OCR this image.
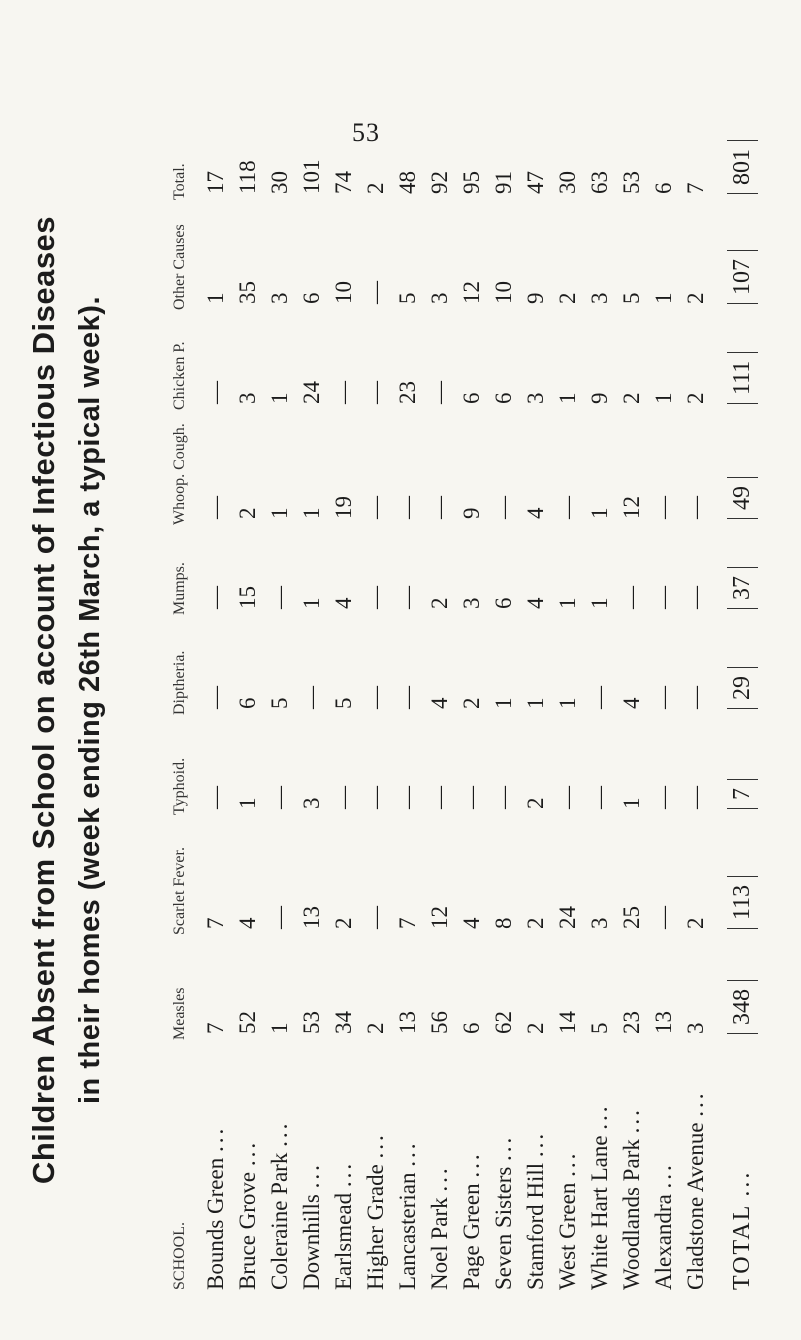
53
Children Absent from School on account of Infectious Diseases in their homes (week ending 26th March, a typical week).
SCHOOL.	Measles	Scarlet Fever.	Typhoid.	Diptheria.	Mumps.	Whoop. Cough.	Chicken P.	Other Causes	Total.
Bounds Green ...	7	7	—	—	—	—	—	1	17
Bruce Grove ...	52	4	1	6	15	2	3	35	118
Coleraine Park ...	1	—	—	5	—	1	1	3	30
Downhills ...	53	13	3	—	1	1	24	6	101
Earlsmead ...	34	2	—	5	4	19	—	10	74
Higher Grade ...	2	—	—	—	—	—	—	—	2
Lancasterian ...	13	7	—	—	—	—	23	5	48
Noel Park ...	56	12	—	4	2	—	—	3	92
Page Green ...	6	4	—	2	3	9	6	12	95
Seven Sisters ...	62	8	—	1	6	—	6	10	91
Stamford Hill ...	2	2	2	1	4	4	3	9	47
West Green ...	14	24	—	1	1	—	1	2	30
White Hart Lane ...	5	3	—	—	1	1	9	3	63
Woodlands Park ...	23	25	1	4	—	12	2	5	53
Alexandra ...	13	—	—	—	—	—	1	1	6
Gladstone Avenue ...	3	2	—	—	—	—	2	2	7
TOTAL ...	348	113	7	29	37	49	111	107	801
